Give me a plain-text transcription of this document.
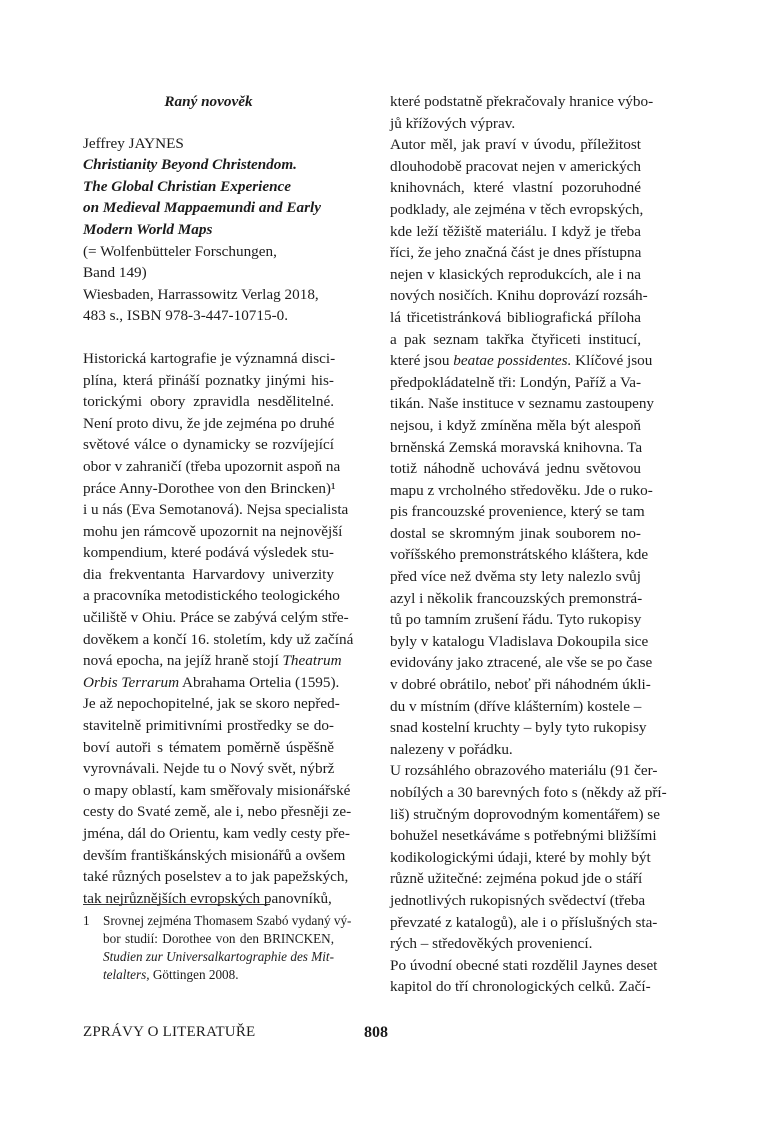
Raný novověk
Jeffrey JAYNES
Christianity Beyond Christendom.
The Global Christian Experience
on Medieval Mappaemundi and Early
Modern World Maps
(= Wolfenbütteler Forschungen,
Band 149)
Wiesbaden, Harrassowitz Verlag 2018,
483 s., ISBN 978-3-447-10715-0.
Historická kartografie je významná disci-
plína, která přináší poznatky jinými his-
torickými obory zpravidla nesdělitelné.
Není proto divu, že jde zejména po druhé
světové válce o dynamicky se rozvíjející
obor v zahraničí (třeba upozornit aspoň na
práce Anny-Dorothee von den Brincken)¹
i u nás (Eva Semotanová). Nejsa specialista
mohu jen rámcově upozornit na nejnovější
kompendium, které podává výsledek stu-
dia frekventanta Harvardovy univerzity
a pracovníka metodistického teologického
učiliště v Ohiu. Práce se zabývá celým stře-
dověkem a končí 16. stoletím, kdy už začíná
nová epocha, na jejíž hraně stojí Theatrum
Orbis Terrarum Abrahama Ortelia (1595).
Je až nepochopitelné, jak se skoro nepřed-
stavitelně primitivními prostředky se do-
boví autoři s tématem poměrně úspěšně
vyrovnávali. Nejde tu o Nový svět, nýbrž
o mapy oblastí, kam směřovaly misionářské
cesty do Svaté země, ale i, nebo přesněji ze-
jména, dál do Orientu, kam vedly cesty pře-
devším františkánských misionářů a ovšem
také různých poselstev a to jak papežských,
tak nejrůznějších evropských panovníků,
které podstatně překračovaly hranice výbo-
jů křížových výprav.
Autor měl, jak praví v úvodu, příležitost
dlouhodobě pracovat nejen v amerických
knihovnách, které vlastní pozoruhodné
podklady, ale zejména v těch evropských,
kde leží těžiště materiálu. I když je třeba
říci, že jeho značná část je dnes přístupna
nejen v klasických reprodukcích, ale i na
nových nosičích. Knihu doprovází rozsáh-
lá třicetistránková bibliografická příloha
a pak seznam takřka čtyřiceti institucí,
které jsou beatae possidentes. Klíčové jsou
předpokládatelně tři: Londýn, Paříž a Va-
tikán. Naše instituce v seznamu zastoupeny
nejsou, i když zmíněna měla být alespoň
brněnská Zemská moravská knihovna. Ta
totiž náhodně uchovává jednu světovou
mapu z vrcholného středověku. Jde o ruko-
pis francouzské provenience, který se tam
dostal se skromným jinak souborem no-
voříšského premonstrátského kláštera, kde
před více než dvěma sty lety nalezlo svůj
azyl i několik francouzských premonstrá-
tů po tamním zrušení řádu. Tyto rukopisy
byly v katalogu Vladislava Dokoupila sice
evidovány jako ztracené, ale vše se po čase
v dobré obrátilo, neboť při náhodném úkli-
du v místním (dříve klášterním) kostele –
snad kostelní kruchty – byly tyto rukopisy
nalezeny v pořádku.
U rozsáhlého obrazového materiálu (91 čer-
nobílých a 30 barevných foto s (někdy až pří-
liš) stručným doprovodným komentářem) se
bohužel nesetkáváme s potřebnými bližšími
kodikologickými údaji, které by mohly být
různě užitečné: zejména pokud jde o stáří
jednotlivých rukopisných svědectví (třeba
převzaté z katalogů), ale i o příslušných sta-
rých – středověkých proveniencí.
Po úvodní obecné stati rozdělil Jaynes deset
kapitol do tří chronologických celků. Začí-
1 Srovnej zejména Thomasem Szabó vydaný vý-
bor studií: Dorothee von den BRINCKEN,
Studien zur Universalkartographie des Mit-
telalters, Göttingen 2008.
ZPRÁVY O LITERATUŘE	808
